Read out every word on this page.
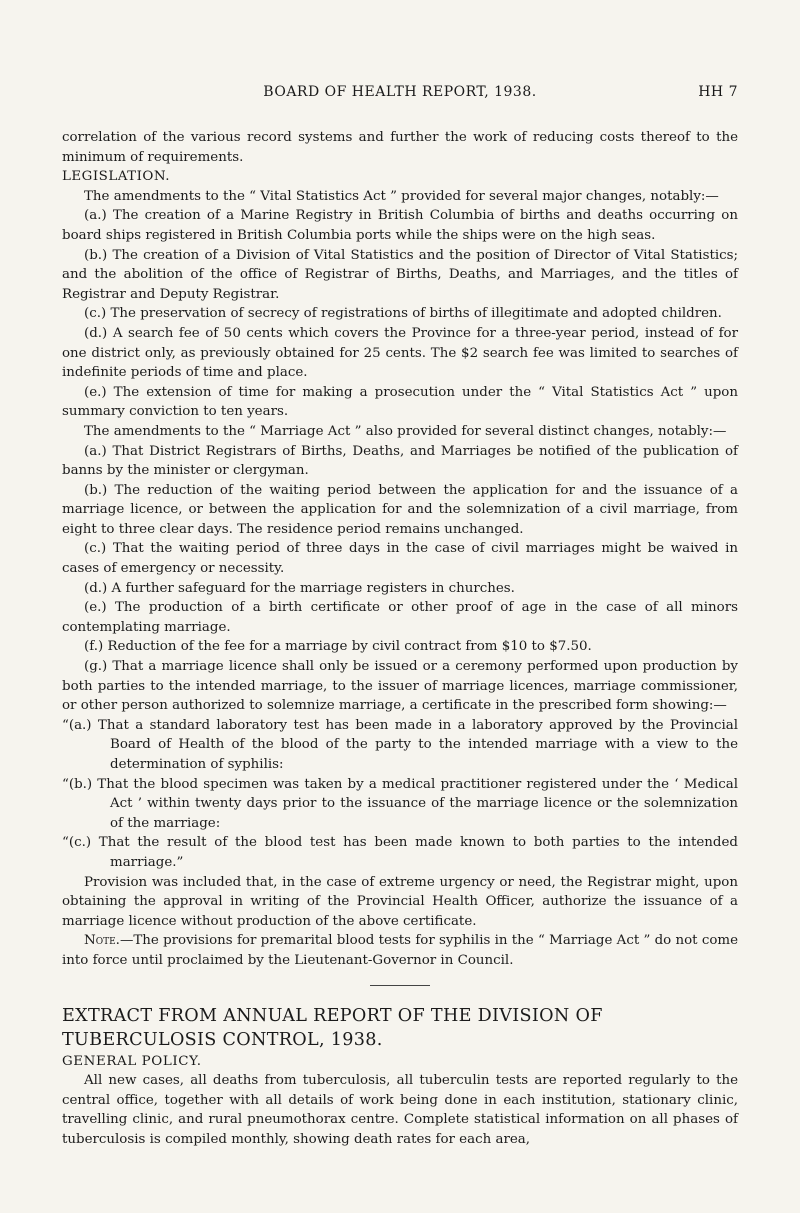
BOARD OF HEALTH REPORT, 1938.	HH 7

correlation of the various record systems and further the work of reducing costs thereof to the minimum of requirements.

LEGISLATION.

The amendments to the “ Vital Statistics Act ” provided for several major changes, notably:—

(a.) The creation of a Marine Registry in British Columbia of births and deaths occurring on board ships registered in British Columbia ports while the ships were on the high seas.

(b.) The creation of a Division of Vital Statistics and the position of Director of Vital Statistics; and the abolition of the office of Registrar of Births, Deaths, and Marriages, and the titles of Registrar and Deputy Registrar.

(c.) The preservation of secrecy of registrations of births of illegitimate and adopted children.

(d.) A search fee of 50 cents which covers the Province for a three-year period, instead of for one district only, as previously obtained for 25 cents. The $2 search fee was limited to searches of indefinite periods of time and place.

(e.) The extension of time for making a prosecution under the “ Vital Statistics Act ” upon summary conviction to ten years.

The amendments to the “ Marriage Act ” also provided for several distinct changes, notably:—

(a.) That District Registrars of Births, Deaths, and Marriages be notified of the publication of banns by the minister or clergyman.

(b.) The reduction of the waiting period between the application for and the issuance of a marriage licence, or between the application for and the solemnization of a civil marriage, from eight to three clear days. The residence period remains unchanged.

(c.) That the waiting period of three days in the case of civil marriages might be waived in cases of emergency or necessity.

(d.) A further safeguard for the marriage registers in churches.

(e.) The production of a birth certificate or other proof of age in the case of all minors contemplating marriage.

(f.) Reduction of the fee for a marriage by civil contract from $10 to $7.50.

(g.) That a marriage licence shall only be issued or a ceremony performed upon production by both parties to the intended marriage, to the issuer of marriage licences, marriage commissioner, or other person authorized to solemnize marriage, a certificate in the prescribed form showing:—

“(a.) That a standard laboratory test has been made in a laboratory approved by the Provincial Board of Health of the blood of the party to the intended marriage with a view to the determination of syphilis:

“(b.) That the blood specimen was taken by a medical practitioner registered under the ‘ Medical Act ’ within twenty days prior to the issuance of the marriage licence or the solemnization of the marriage:

“(c.) That the result of the blood test has been made known to both parties to the intended marriage.”

Provision was included that, in the case of extreme urgency or need, the Registrar might, upon obtaining the approval in writing of the Provincial Health Officer, authorize the issuance of a marriage licence without production of the above certificate.

Note.—The provisions for premarital blood tests for syphilis in the “ Marriage Act ” do not come into force until proclaimed by the Lieutenant-Governor in Council.

EXTRACT FROM ANNUAL REPORT OF THE DIVISION OF

TUBERCULOSIS CONTROL, 1938.

GENERAL POLICY.

All new cases, all deaths from tuberculosis, all tuberculin tests are reported regularly to the central office, together with all details of work being done in each institution, stationary clinic, travelling clinic, and rural pneumothorax centre. Complete statistical information on all phases of tuberculosis is compiled monthly, showing death rates for each area,
